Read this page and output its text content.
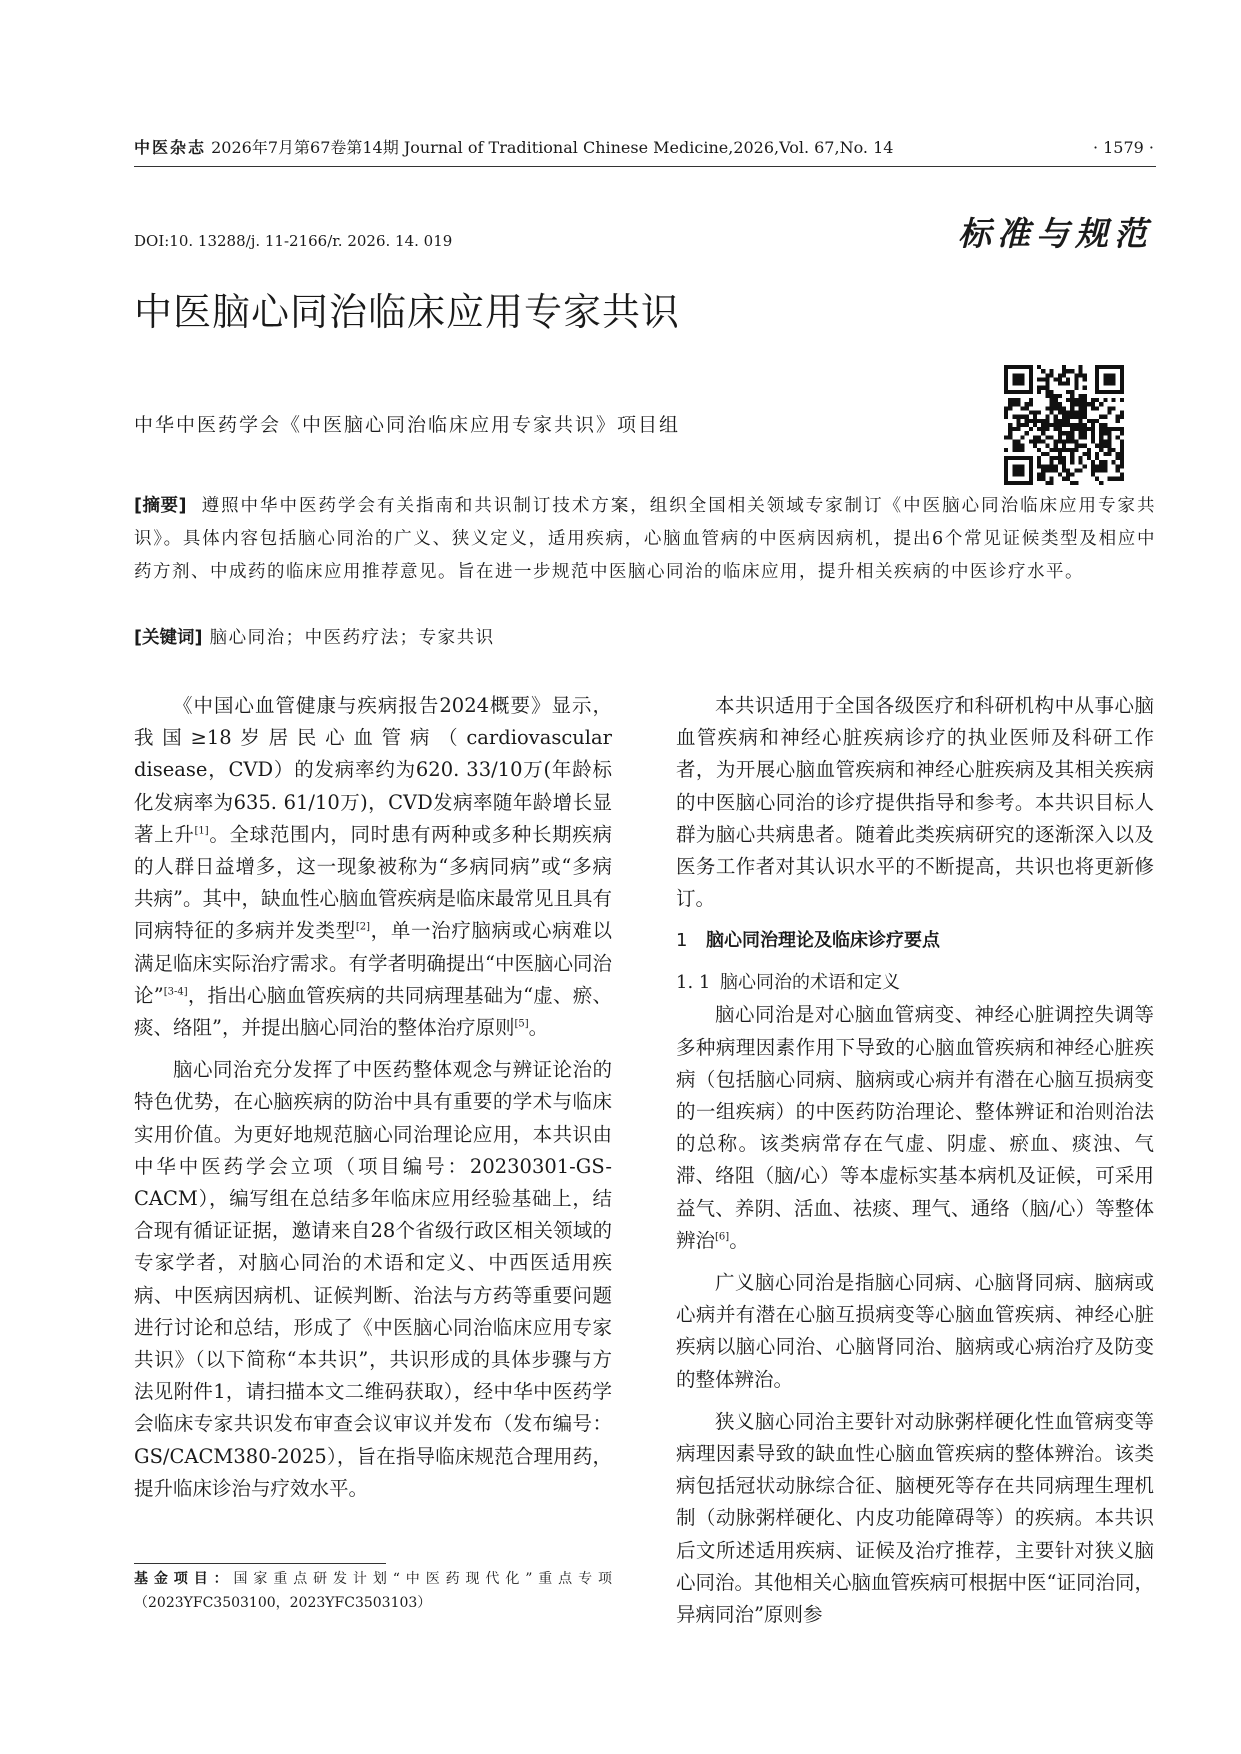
中医杂志 2026年7月第67卷第14期 Journal of Traditional Chinese Medicine,2026,Vol. 67,No. 14	· 1579 ·
DOI:10. 13288/j. 11-2166/r. 2026. 14. 019	标准与规范
中医脑心同治临床应用专家共识
中华中医药学会《中医脑心同治临床应用专家共识》项目组
[摘要] 遵照中华中医药学会有关指南和共识制订技术方案，组织全国相关领域专家制订《中医脑心同治临床应用专家共识》。具体内容包括脑心同治的广义、狭义定义，适用疾病，心脑血管病的中医病因病机，提出6个常见证候类型及相应中药方剂、中成药的临床应用推荐意见。旨在进一步规范中医脑心同治的临床应用，提升相关疾病的中医诊疗水平。
[关键词] 脑心同治；中医药疗法；专家共识

《中国心血管健康与疾病报告2024概要》显示，我国≥18岁居民心血管病（cardiovascular disease，CVD）的发病率约为620. 33/10万(年龄标化发病率为635. 61/10万)，CVD发病率随年龄增长显著上升[1]。全球范围内，同时患有两种或多种长期疾病的人群日益增多，这一现象被称为“多病同病”或“多病共病”。其中，缺血性心脑血管疾病是临床最常见且具有同病特征的多病并发类型[2]，单一治疗脑病或心病难以满足临床实际治疗需求。有学者明确提出“中医脑心同治论”[3-4]，指出心脑血管疾病的共同病理基础为“虚、瘀、痰、络阻”，并提出脑心同治的整体治疗原则[5]。

脑心同治充分发挥了中医药整体观念与辨证论治的特色优势，在心脑疾病的防治中具有重要的学术与临床实用价值。为更好地规范脑心同治理论应用，本共识由中华中医药学会立项（项目编号：20230301-GS-CACM），编写组在总结多年临床应用经验基础上，结合现有循证证据，邀请来自28个省级行政区相关领域的专家学者，对脑心同治的术语和定义、中西医适用疾病、中医病因病机、证候判断、治法与方药等重要问题进行讨论和总结，形成了《中医脑心同治临床应用专家共识》（以下简称“本共识”，共识形成的具体步骤与方法见附件1，请扫描本文二维码获取），经中华中医药学会临床专家共识发布审查会议审议并发布（发布编号：GS/CACM380-2025），旨在指导临床规范合理用药，提升临床诊治与疗效水平。

基金项目：国家重点研发计划“中医药现代化”重点专项（2023YFC3503100，2023YFC3503103）

本共识适用于全国各级医疗和科研机构中从事心脑血管疾病和神经心脏疾病诊疗的执业医师及科研工作者，为开展心脑血管疾病和神经心脏疾病及其相关疾病的中医脑心同治的诊疗提供指导和参考。本共识目标人群为脑心共病患者。随着此类疾病研究的逐渐深入以及医务工作者对其认识水平的不断提高，共识也将更新修订。

1 脑心同治理论及临床诊疗要点
1. 1 脑心同治的术语和定义

脑心同治是对心脑血管病变、神经心脏调控失调等多种病理因素作用下导致的心脑血管疾病和神经心脏疾病（包括脑心同病、脑病或心病并有潜在心脑互损病变的一组疾病）的中医药防治理论、整体辨证和治则治法的总称。该类病常存在气虚、阴虚、瘀血、痰浊、气滞、络阻（脑/心）等本虚标实基本病机及证候，可采用益气、养阴、活血、祛痰、理气、通络（脑/心）等整体辨治[6]。

广义脑心同治是指脑心同病、心脑肾同病、脑病或心病并有潜在心脑互损病变等心脑血管疾病、神经心脏疾病以脑心同治、心脑肾同治、脑病或心病治疗及防变的整体辨治。

狭义脑心同治主要针对动脉粥样硬化性血管病变等病理因素导致的缺血性心脑血管疾病的整体辨治。该类病包括冠状动脉综合征、脑梗死等存在共同病理生理机制（动脉粥样硬化、内皮功能障碍等）的疾病。本共识后文所述适用疾病、证候及治疗推荐，主要针对狭义脑心同治。其他相关心脑血管疾病可根据中医“证同治同，异病同治”原则参
